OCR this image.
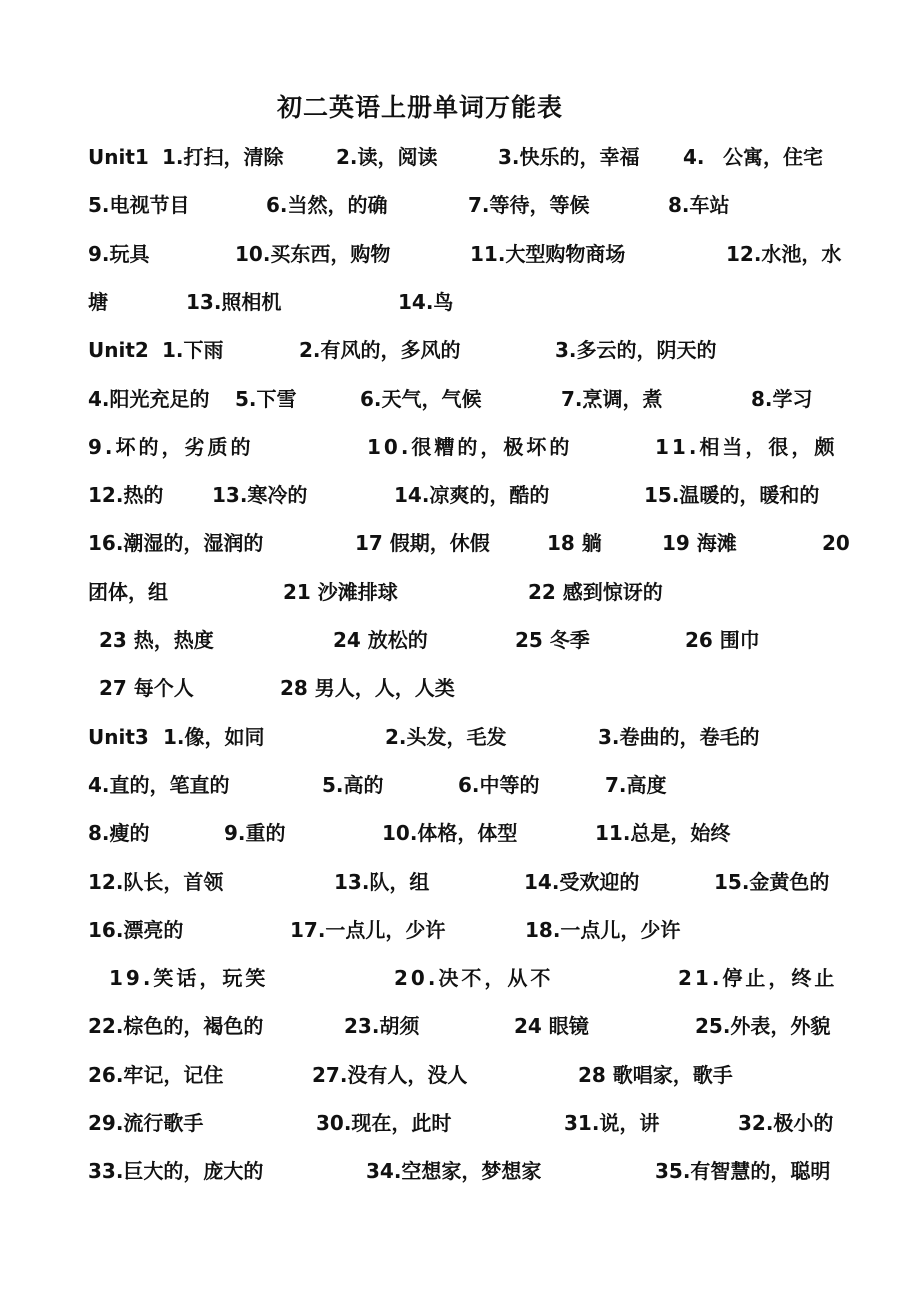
初二英语上册单词万能表
Unit1 1.打扫，清除	2.读，阅读	3.快乐的，幸福 4. 公寓，住宅
5.电视节目	6.当然，的确	7.等待，等候	8.车站
9.玩具	10.买东西，购物	11.大型购物商场	12.水池，水
塘	13.照相机	14.鸟
Unit2 1.下雨	2.有风的，多风的	3.多云的，阴天的
4.阳光充足的 5.下雪	6.天气，气候	7.烹调，煮	8.学习
9.坏的，劣质的	10.很糟的，极坏的	11.相当，很，颇
12.热的 13.寒冷的	14.凉爽的，酷的	15.温暖的，暖和的
16.潮湿的，湿润的	17 假期，休假	18 躺	19 海滩	20
团体，组	21 沙滩排球	22 感到惊讶的
23 热，热度	24 放松的	25 冬季	26 围巾
27 每个人	28 男人，人，人类
Unit3 1.像，如同	2.头发，毛发	3.卷曲的，卷毛的
4.直的，笔直的	5.高的	6.中等的	7.高度
8.瘦的	9.重的	10.体格，体型	11.总是，始终
12.队长，首领	13.队，组	14.受欢迎的	15.金黄色的
16.漂亮的	17.一点儿，少许	18.一点儿，少许
19.笑话，玩笑	20.决不，从不	21.停止，终止
22.棕色的，褐色的	23.胡须	24 眼镜	25.外表，外貌
26.牢记，记住	27.没有人，没人	28 歌唱家，歌手
29.流行歌手	30.现在，此时	31.说，讲	32.极小的
33.巨大的，庞大的	34.空想家，梦想家	35.有智慧的，聪明
